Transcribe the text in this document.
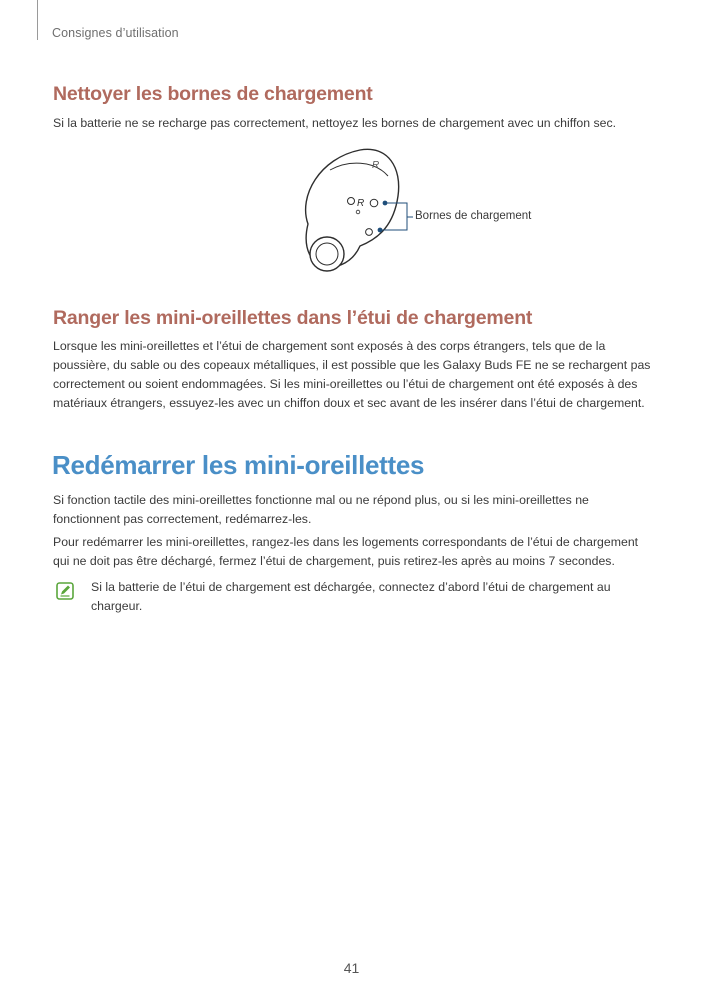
Consignes d’utilisation
Nettoyer les bornes de chargement

Si la batterie ne se recharge pas correctement, nettoyez les bornes de chargement avec un chiffon sec.

R
R
Bornes de chargement
Ranger les mini-oreillettes dans l’étui de chargement

Lorsque les mini-oreillettes et l’étui de chargement sont exposés à des corps étrangers, tels que de la poussière, du sable ou des copeaux métalliques, il est possible que les Galaxy Buds FE ne se rechargent pas correctement ou soient endommagées. Si les mini-oreillettes ou l’étui de chargement ont été exposés à des matériaux étrangers, essuyez-les avec un chiffon doux et sec avant de les insérer dans l’étui de chargement.

Redémarrer les mini-oreillettes

Si fonction tactile des mini-oreillettes fonctionne mal ou ne répond plus, ou si les mini-oreillettes ne fonctionnent pas correctement, redémarrez-les.

Pour redémarrer les mini-oreillettes, rangez-les dans les logements correspondants de l’étui de chargement qui ne doit pas être déchargé, fermez l’étui de chargement, puis retirez-les après au moins 7 secondes.

Si la batterie de l’étui de chargement est déchargée, connectez d’abord l’étui de chargement au chargeur.

41
